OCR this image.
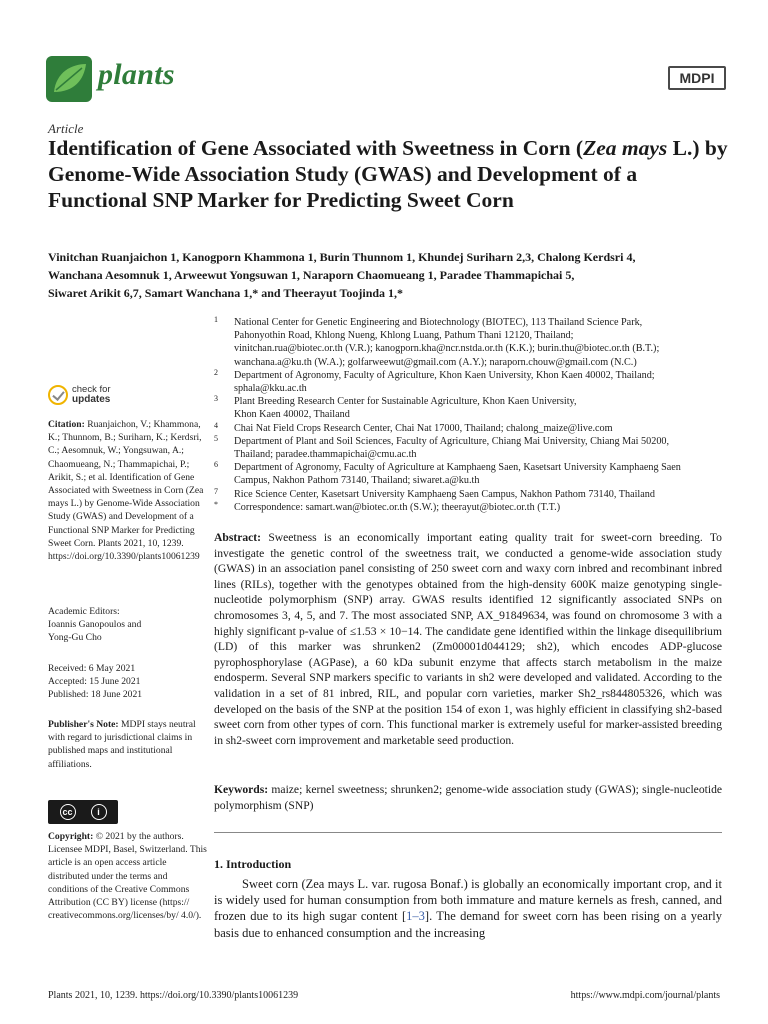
plants	MDPI
Article
Identification of Gene Associated with Sweetness in Corn (Zea mays L.) by Genome-Wide Association Study (GWAS) and Development of a Functional SNP Marker for Predicting Sweet Corn
Vinitchan Ruanjaichon 1, Kanogporn Khammona 1, Burin Thunnom 1, Khundej Suriharn 2,3, Chalong Kerdsri 4,
Wanchana Aesomnuk 1, Arweewut Yongsuwan 1, Naraporn Chaomueang 1, Paradee Thammapichai 5,
Siwaret Arikit 6,7, Samart Wanchana 1,* and Theerayut Toojinda 1,*
1 National Center for Genetic Engineering and Biotechnology (BIOTEC), 113 Thailand Science Park,
Pahonyothin Road, Khlong Nueng, Khlong Luang, Pathum Thani 12120, Thailand;
vinitchan.rua@biotec.or.th (V.R.); kanogporn.kha@ncr.nstda.or.th (K.K.); burin.thu@biotec.or.th (B.T.);
wanchana.a@ku.th (W.A.); golfarweewut@gmail.com (A.Y.); naraporn.chouw@gmail.com (N.C.)
2 Department of Agronomy, Faculty of Agriculture, Khon Kaen University, Khon Kaen 40002, Thailand;
sphala@kku.ac.th
3 Plant Breeding Research Center for Sustainable Agriculture, Khon Kaen University,
Khon Kaen 40002, Thailand
4 Chai Nat Field Crops Research Center, Chai Nat 17000, Thailand; chalong_maize@live.com
5 Department of Plant and Soil Sciences, Faculty of Agriculture, Chiang Mai University, Chiang Mai 50200,
Thailand; paradee.thammapichai@cmu.ac.th
6 Department of Agronomy, Faculty of Agriculture at Kamphaeng Saen, Kasetsart University Kamphaeng Saen
Campus, Nakhon Pathom 73140, Thailand; siwaret.a@ku.th
7 Rice Science Center, Kasetsart University Kamphaeng Saen Campus, Nakhon Pathom 73140, Thailand
* Correspondence: samart.wan@biotec.or.th (S.W.); theerayut@biotec.or.th (T.T.)
check for
updates
Citation: Ruanjaichon, V.; Khammona, K.; Thunnom, B.; Suriharn, K.; Kerdsri, C.; Aesomnuk, W.; Yongsuwan, A.; Chaomueang, N.; Thammapichai, P.; Arikit, S.; et al. Identification of Gene Associated with Sweetness in Corn (Zea mays L.) by Genome-Wide Association Study (GWAS) and Development of a Functional SNP Marker for Predicting Sweet Corn. Plants 2021, 10, 1239. https://doi.org/10.3390/plants10061239
Academic Editors:
Ioannis Ganopoulos and
Yong-Gu Cho
Received: 6 May 2021
Accepted: 15 June 2021
Published: 18 June 2021
Publisher's Note: MDPI stays neutral with regard to jurisdictional claims in published maps and institutional affiliations.
cc	i
Copyright: © 2021 by the authors. Licensee MDPI, Basel, Switzerland. This article is an open access article distributed under the terms and conditions of the Creative Commons Attribution (CC BY) license (https:// creativecommons.org/licenses/by/ 4.0/).
Abstract: Sweetness is an economically important eating quality trait for sweet-corn breeding. To investigate the genetic control of the sweetness trait, we conducted a genome-wide association study (GWAS) in an association panel consisting of 250 sweet corn and waxy corn inbred and recombinant inbred lines (RILs), together with the genotypes obtained from the high-density 600K maize genotyping single-nucleotide polymorphism (SNP) array. GWAS results identified 12 significantly associated SNPs on chromosomes 3, 4, 5, and 7. The most associated SNP, AX_91849634, was found on chromosome 3 with a highly significant p-value of ≤1.53 × 10−14. The candidate gene identified within the linkage disequilibrium (LD) of this marker was shrunken2 (Zm00001d044129; sh2), which encodes ADP-glucose pyrophosphorylase (AGPase), a 60 kDa subunit enzyme that affects starch metabolism in the maize endosperm. Several SNP markers specific to variants in sh2 were developed and validated. According to the validation in a set of 81 inbred, RIL, and popular corn varieties, marker Sh2_rs844805326, which was developed on the basis of the SNP at the position 154 of exon 1, was highly efficient in classifying sh2-based sweet corn from other types of corn. This functional marker is extremely useful for marker-assisted breeding in sh2-sweet corn improvement and marketable seed production.
Keywords: maize; kernel sweetness; shrunken2; genome-wide association study (GWAS); single-nucleotide polymorphism (SNP)
1. Introduction
Sweet corn (Zea mays L. var. rugosa Bonaf.) is globally an economically important crop, and it is widely used for human consumption from both immature and mature kernels as fresh, canned, and frozen due to its high sugar content [1–3]. The demand for sweet corn has been rising on a yearly basis due to enhanced consumption and the increasing
Plants 2021, 10, 1239. https://doi.org/10.3390/plants10061239	https://www.mdpi.com/journal/plants
